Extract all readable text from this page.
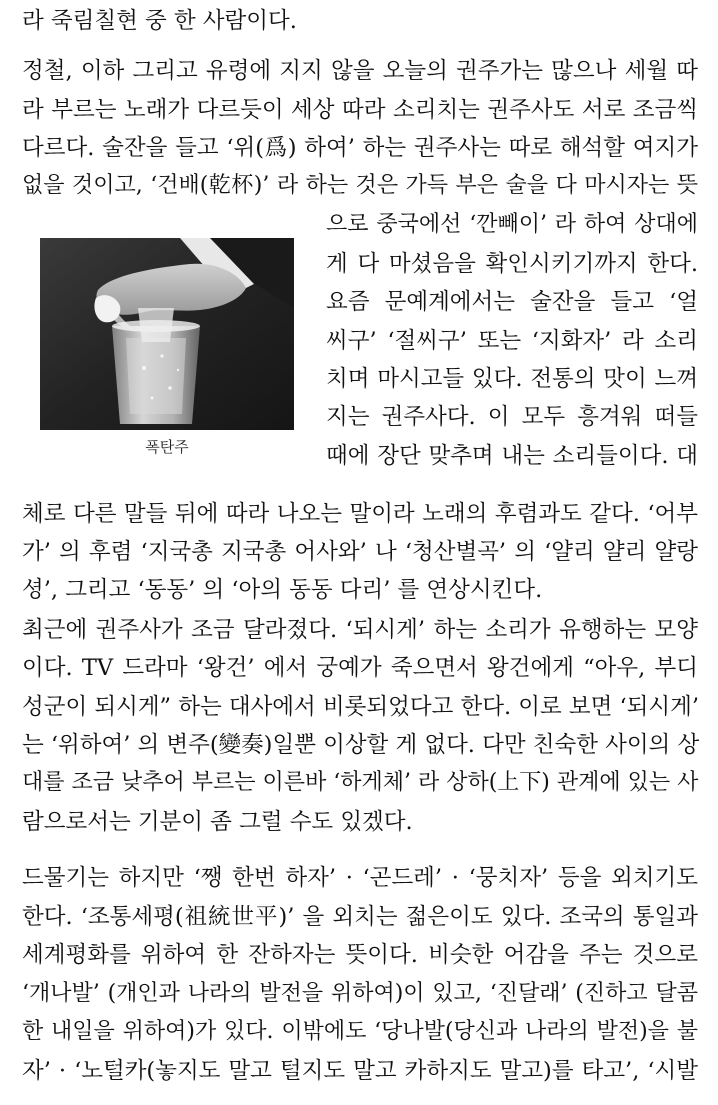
라 죽림칠현 중 한 사람이다.
정철, 이하 그리고 유령에 지지 않을 오늘의 권주가는 많으나 세월 따
라 부르는 노래가 다르듯이 세상 따라 소리치는 권주사도 서로 조금씩
다르다. 술잔을 들고 ‘위(爲) 하여’ 하는 권주사는 따로 해석할 여지가
없을 것이고, ‘건배(乾杯)’ 라 하는 것은 가득 부은 술을 다 마시자는 뜻
폭탄주
으로 중국에선 ‘깐빼이’ 라 하여 상대에
게 다 마셨음을 확인시키기까지 한다.
요즘 문예계에서는 술잔을 들고 ‘얼
씨구’ ‘절씨구’ 또는 ‘지화자’ 라 소리
치며 마시고들 있다. 전통의 맛이 느껴
지는 권주사다. 이 모두 흥겨워 떠들
때에 장단 맞추며 내는 소리들이다. 대
체로 다른 말들 뒤에 따라 나오는 말이라 노래의 후렴과도 같다. ‘어부
가’ 의 후렴 ‘지국총 지국총 어사와’ 나 ‘청산별곡’ 의 ‘얄리 얄리 얄랑
셩’, 그리고 ‘동동’ 의 ‘아의 동동 다리’ 를 연상시킨다.
최근에 권주사가 조금 달라졌다. ‘되시게’ 하는 소리가 유행하는 모양
이다. TV 드라마 ‘왕건’ 에서 궁예가 죽으면서 왕건에게 “아우, 부디
성군이 되시게” 하는 대사에서 비롯되었다고 한다. 이로 보면 ‘되시게’
는 ‘위하여’ 의 변주(變奏)일뿐 이상할 게 없다. 다만 친숙한 사이의 상
대를 조금 낮추어 부르는 이른바 ‘하게체’ 라 상하(上下) 관계에 있는 사
람으로서는 기분이 좀 그럴 수도 있겠다.
드물기는 하지만 ‘쨍 한번 하자’ · ‘곤드레’ · ‘뭉치자’ 등을 외치기도
한다. ‘조통세평(祖統世平)’ 을 외치는 젊은이도 있다. 조국의 통일과
세계평화를 위하여 한 잔하자는 뜻이다. 비슷한 어감을 주는 것으로
‘개나발’ (개인과 나라의 발전을 위하여)이 있고, ‘진달래’ (진하고 달콤
한 내일을 위하여)가 있다. 이밖에도 ‘당나발(당신과 나라의 발전)을 불
자’ · ‘노털카(놓지도 말고 털지도 말고 카하지도 말고)를 타고’, ‘시발
